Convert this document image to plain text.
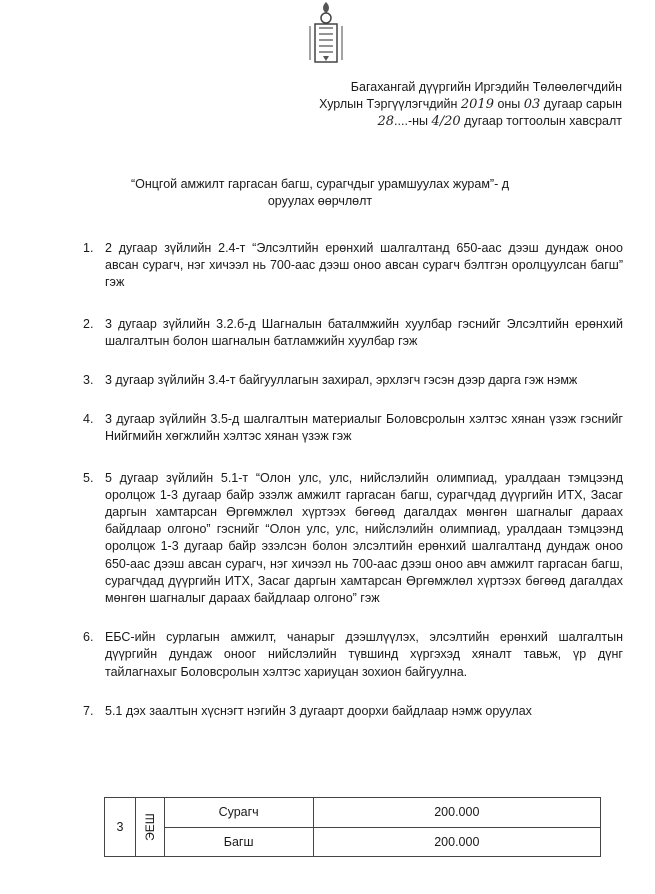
Багахангай дүүргийн Иргэдийн Төлөөлөгчдийн
Хурлын Тэргүүлэгчдийн 2019 оны 03 дугаар сарын
28....-ны 4/20 дугаар тогтоолын хавсралт
“Онцгой амжилт гаргасан багш, сурагчдыг урамшуулах журам”- д
оруулах өөрчлөлт

1. 2 дугаар зүйлийн 2.4-т “Элсэлтийн ерөнхий шалгалтанд 650-аас дээш дундаж оноо авсан сурагч, нэг хичээл нь 700-аас дээш оноо авсан сурагч бэлтгэн оролцуулсан багш” гэж

2. 3 дугаар зүйлийн 3.2.б-д Шагналын баталмжийн хуулбар гэснийг Элсэлтийн ерөнхий шалгалтын болон шагналын батламжийн хуулбар гэж

3. 3 дугаар зүйлийн 3.4-т байгууллагын захирал, эрхлэгч гэсэн дээр дарга гэж нэмж

4. 3 дугаар зүйлийн 3.5-д шалгалтын материалыг Боловсролын хэлтэс хянан үзэж гэснийг Нийгмийн хөгжлийн хэлтэс хянан үзэж гэж

5. 5 дугаар зүйлийн 5.1-т “Олон улс, улс, нийслэлийн олимпиад, уралдаан тэмцээнд оролцож 1-3 дугаар байр эзэлж амжилт гаргасан багш, сурагчдад дүүргийн ИТХ, Засаг даргын хамтарсан Өргөмжлөл хүртээх бөгөөд дагалдах мөнгөн шагналыг дараах байдлаар олгоно” гэснийг “Олон улс, улс, нийслэлийн олимпиад, уралдаан тэмцээнд оролцож 1-3 дугаар байр эзэлсэн болон элсэлтийн ерөнхий шалгалтанд дундаж оноо 650-аас дээш авсан сурагч, нэг хичээл нь 700-аас дээш оноо авч амжилт гаргасан багш, сурагчдад дүүргийн ИТХ, Засаг даргын хамтарсан Өргөмжлөл хүртээх бөгөөд дагалдах мөнгөн шагналыг дараах байдлаар олгоно” гэж

6. ЕБС-ийн сурлагын амжилт, чанарыг дээшлүүлэх, элсэлтийн ерөнхий шалгалтын дүүргийн дундаж оноог нийслэлийн түвшинд хүргэхэд хяналт тавьж, үр дүнг тайлагнахыг Боловсролын хэлтэс хариуцан зохион байгуулна.

7. 5.1 дэх заалтын хүснэгт нэгийн 3 дугаарт доорхи байдлаар нэмж оруулах

3	ЭЕШ	Сурагч	200.000
		Багш	200.000
